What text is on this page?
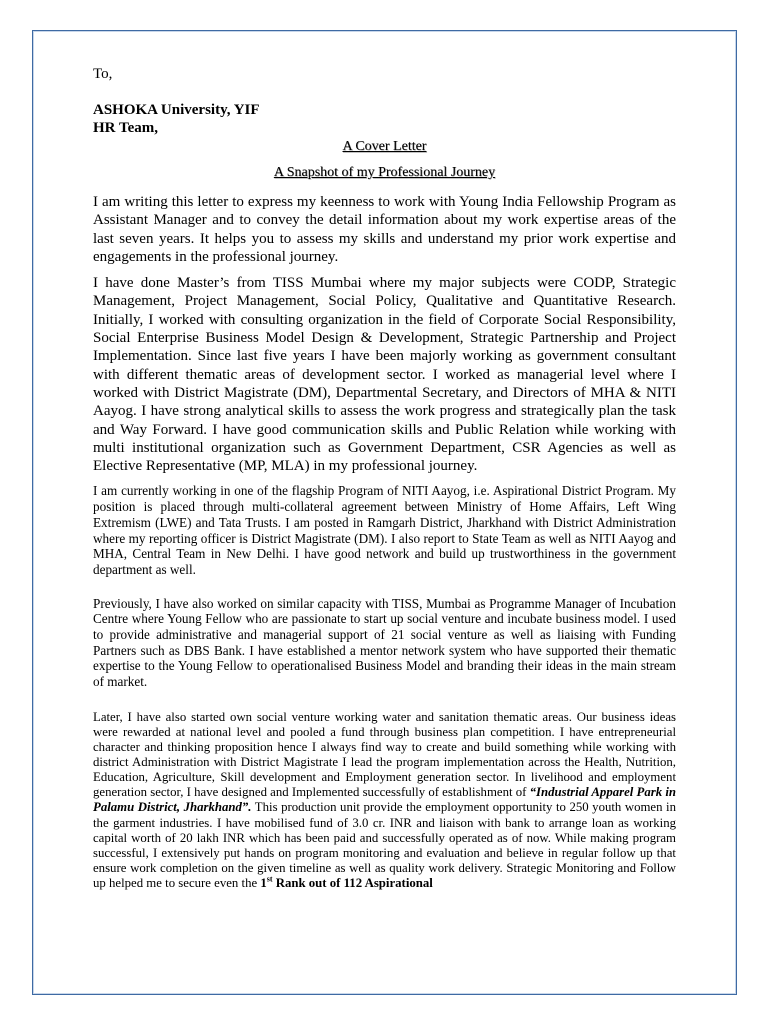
To,

ASHOKA University, YIF

HR Team,

A Cover Letter

A Snapshot of my Professional Journey

I am writing this letter to express my keenness to work with Young India Fellowship Program as Assistant Manager and to convey the detail information about my work expertise areas of the last seven years. It helps you to assess my skills and understand my prior work expertise and engagements in the professional journey.

I have done Master’s from TISS Mumbai where my major subjects were CODP, Strategic Management, Project Management, Social Policy, Qualitative and Quantitative Research. Initially, I worked with consulting organization in the field of Corporate Social Responsibility, Social Enterprise Business Model Design & Development, Strategic Partnership and Project Implementation. Since last five years I have been majorly working as government consultant with different thematic areas of development sector. I worked as managerial level where I worked with District Magistrate (DM), Departmental Secretary, and Directors of MHA & NITI Aayog. I have strong analytical skills to assess the work progress and strategically plan the task and Way Forward. I have good communication skills and Public Relation while working with multi institutional organization such as Government Department, CSR Agencies as well as Elective Representative (MP, MLA) in my professional journey.

I am currently working in one of the flagship Program of NITI Aayog, i.e. Aspirational District Program. My position is placed through multi-collateral agreement between Ministry of Home Affairs, Left Wing Extremism (LWE) and Tata Trusts. I am posted in Ramgarh District, Jharkhand with District Administration where my reporting officer is District Magistrate (DM). I also report to State Team as well as NITI Aayog and MHA, Central Team in New Delhi. I have good network and build up trustworthiness in the government department as well.

Previously, I have also worked on similar capacity with TISS, Mumbai as Programme Manager of Incubation Centre where Young Fellow who are passionate to start up social venture and incubate business model. I used to provide administrative and managerial support of 21 social venture as well as liaising with Funding Partners such as DBS Bank. I have established a mentor network system who have supported their thematic expertise to the Young Fellow to operationalised Business Model and branding their ideas in the main stream of market.

Later, I have also started own social venture working water and sanitation thematic areas. Our business ideas were rewarded at national level and pooled a fund through business plan competition. I have entrepreneurial character and thinking proposition hence I always find way to create and build something while working with district Administration with District Magistrate I lead the program implementation across the Health, Nutrition, Education, Agriculture, Skill development and Employment generation sector. In livelihood and employment generation sector, I have designed and Implemented successfully of establishment of “Industrial Apparel Park in Palamu District, Jharkhand”. This production unit provide the employment opportunity to 250 youth women in the garment industries. I have mobilised fund of 3.0 cr. INR and liaison with bank to arrange loan as working capital worth of 20 lakh INR which has been paid and successfully operated as of now. While making program successful, I extensively put hands on program monitoring and evaluation and believe in regular follow up that ensure work completion on the given timeline as well as quality work delivery. Strategic Monitoring and Follow up helped me to secure even the 1st Rank out of 112 Aspirational
